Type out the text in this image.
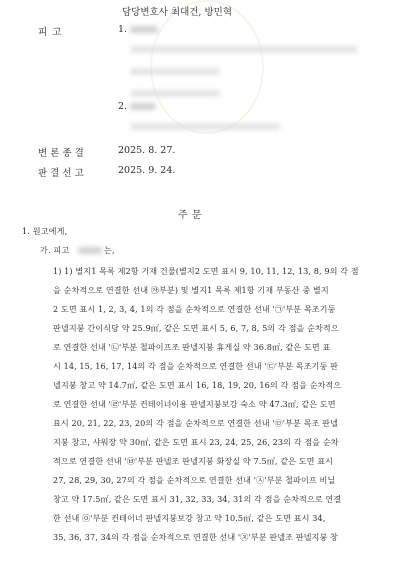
담당변호사 최대건, 방민혁
피 고	1.
2.
변 론 종 결	2025. 8. 27.
판 결 선 고	2025. 9. 24.
주 문
1. 원고에게,
가. 피고	는,
1) 1) 별지1 목록 제2항 기재 건물(별지2 도면 표시 9, 10, 11, 12, 13, 8, 9의 각 점
을 순차적으로 연결한 선내 ㉮부분) 및 별지1 목록 제1항 기재 부동산 중 별지
2 도면 표시 1, 2, 3, 4, 1의 각 점을 순차적으로 연결한 선내 '㉠'부분 목조기둥
판넬지붕 간이식당 약 25.9㎡, 같은 도면 표시 5, 6, 7, 8, 5의 각 점을 순차적으
로 연결한 선내 '㉡'부분 철파이프조 판넬지붕 휴게실 약 36.8㎡, 같은 도면 표
시 14, 15, 16, 17, 14의 각 점을 순차적으로 연결한 선내 '㉢'부분 목조기둥 판
넬지붕 창고 약 14.7㎡, 같은 도면 표시 16, 18, 19, 20, 16의 각 점을 순차적으
로 연결한 선내 '㉣'부분 컨테이너이용 판넬지붕보강 숙소 약 47.3㎡, 같은 도면
표시 20, 21, 22, 23, 20의 각 점을 순차적으로 연결한 선내 '㉤'부분 목조 판넬
지붕 창고, 샤워장 약 30㎡, 같은 도면 표시 23, 24, 25, 26, 23의 각 점을 순차
적으로 연결한 선내 '㉥'부분 판넬조 판넬지붕 화장실 약 7.5㎡, 같은 도면 표시
27, 28, 29, 30, 27의 각 점을 순차적으로 연결한 선내 '㉦'부분 철파이프 비닐
창고 약 17.5㎡, 같은 도면 표시 31, 32, 33, 34, 31의 각 점을 순차적으로 연결
한 선내 ㉧'부분 컨테이너 판넬지붕보강 창고 약 10.5㎡, 같은 도면 표시 34,
35, 36, 37, 34의 각 점을 순차적으로 연결한 선내 '㉨'부분 판넬조 판넬지붕 창
